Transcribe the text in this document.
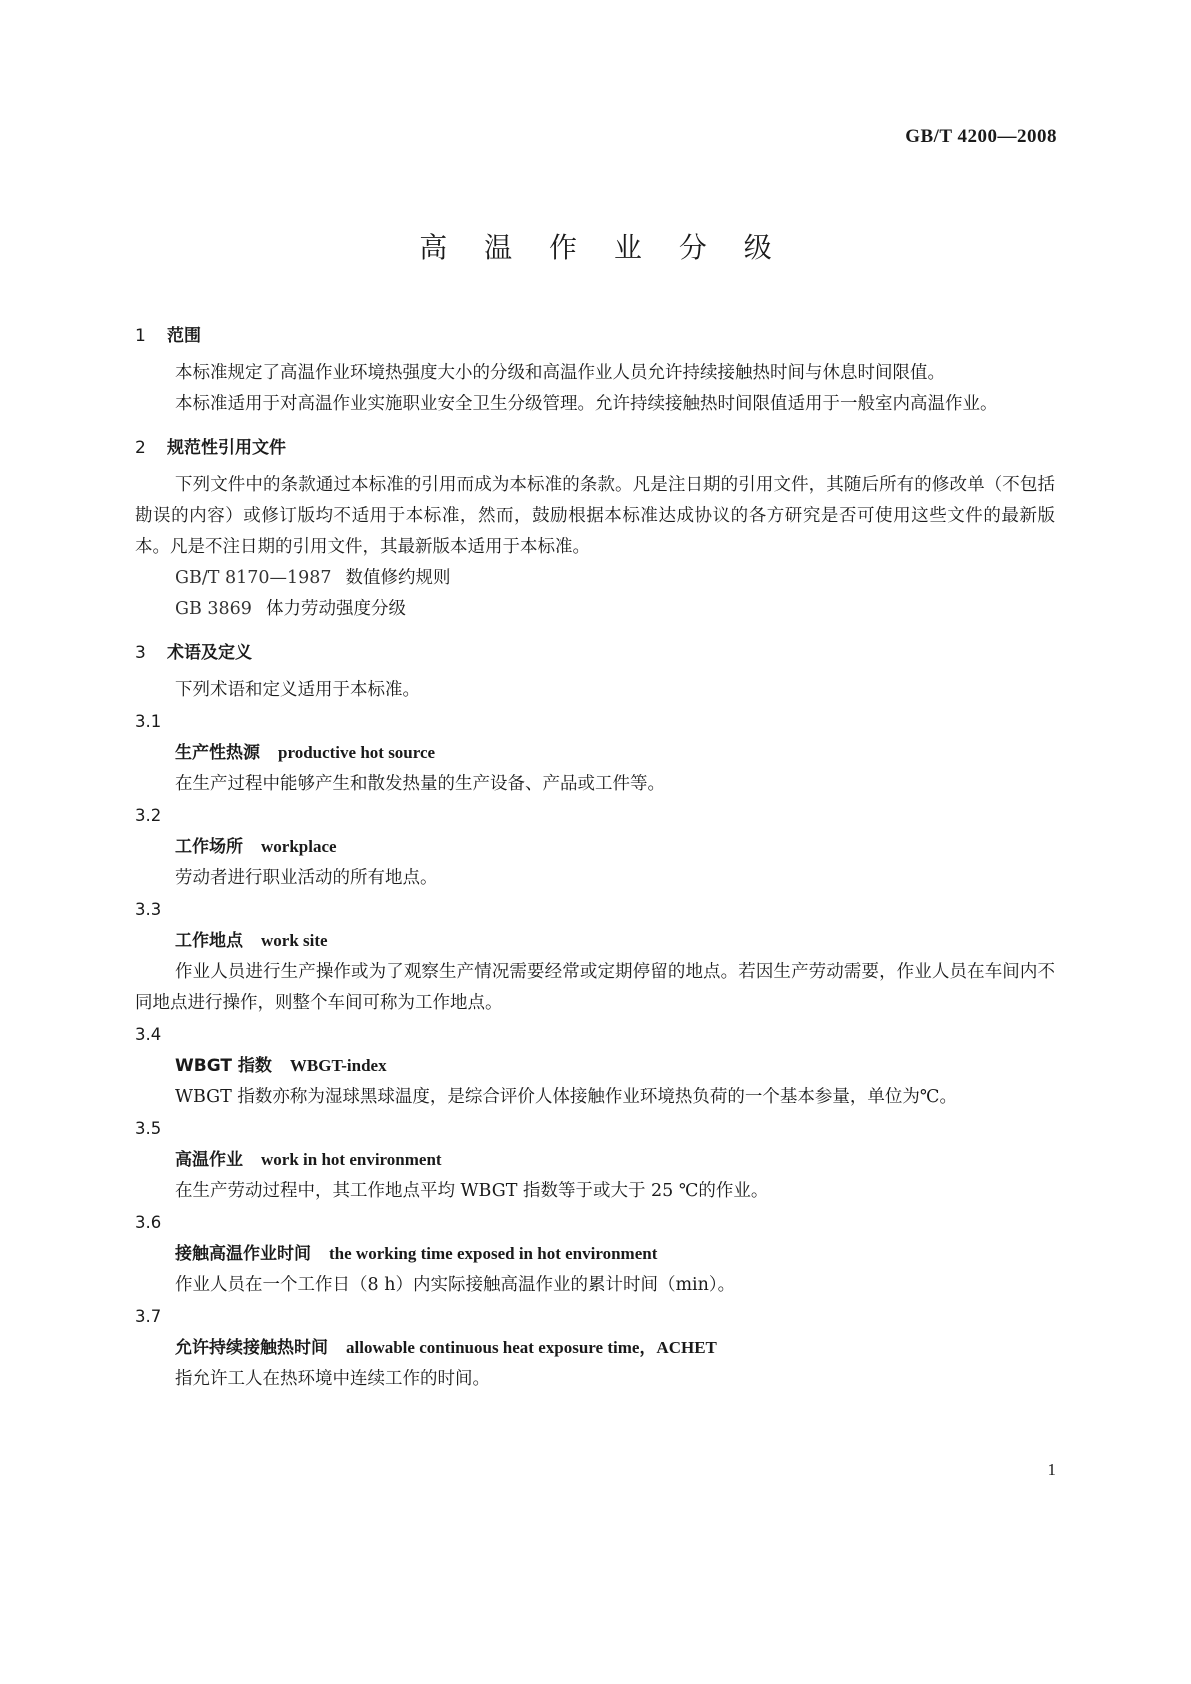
GB/T 4200—2008
高 温 作 业 分 级
1 范围

本标准规定了高温作业环境热强度大小的分级和高温作业人员允许持续接触热时间与休息时间限值。

本标准适用于对高温作业实施职业安全卫生分级管理。允许持续接触热时间限值适用于一般室内高温作业。

2 规范性引用文件

下列文件中的条款通过本标准的引用而成为本标准的条款。凡是注日期的引用文件，其随后所有的修改单（不包括勘误的内容）或修订版均不适用于本标准，然而，鼓励根据本标准达成协议的各方研究是否可使用这些文件的最新版本。凡是不注日期的引用文件，其最新版本适用于本标准。

GB/T 8170—1987 数值修约规则
GB 3869 体力劳动强度分级
3 术语及定义

下列术语和定义适用于本标准。

3.1
生产性热源 productive hot source

在生产过程中能够产生和散发热量的生产设备、产品或工件等。

3.2
工作场所 workplace

劳动者进行职业活动的所有地点。

3.3
工作地点 work site

作业人员进行生产操作或为了观察生产情况需要经常或定期停留的地点。若因生产劳动需要，作业人员在车间内不同地点进行操作，则整个车间可称为工作地点。

3.4
WBGT 指数 WBGT-index

WBGT 指数亦称为湿球黑球温度，是综合评价人体接触作业环境热负荷的一个基本参量，单位为℃。

3.5
高温作业 work in hot environment

在生产劳动过程中，其工作地点平均 WBGT 指数等于或大于 25 ℃的作业。

3.6
接触高温作业时间 the working time exposed in hot environment

作业人员在一个工作日（8 h）内实际接触高温作业的累计时间（min）。

3.7
允许持续接触热时间 allowable continuous heat exposure time，ACHET

指允许工人在热环境中连续工作的时间。

1
